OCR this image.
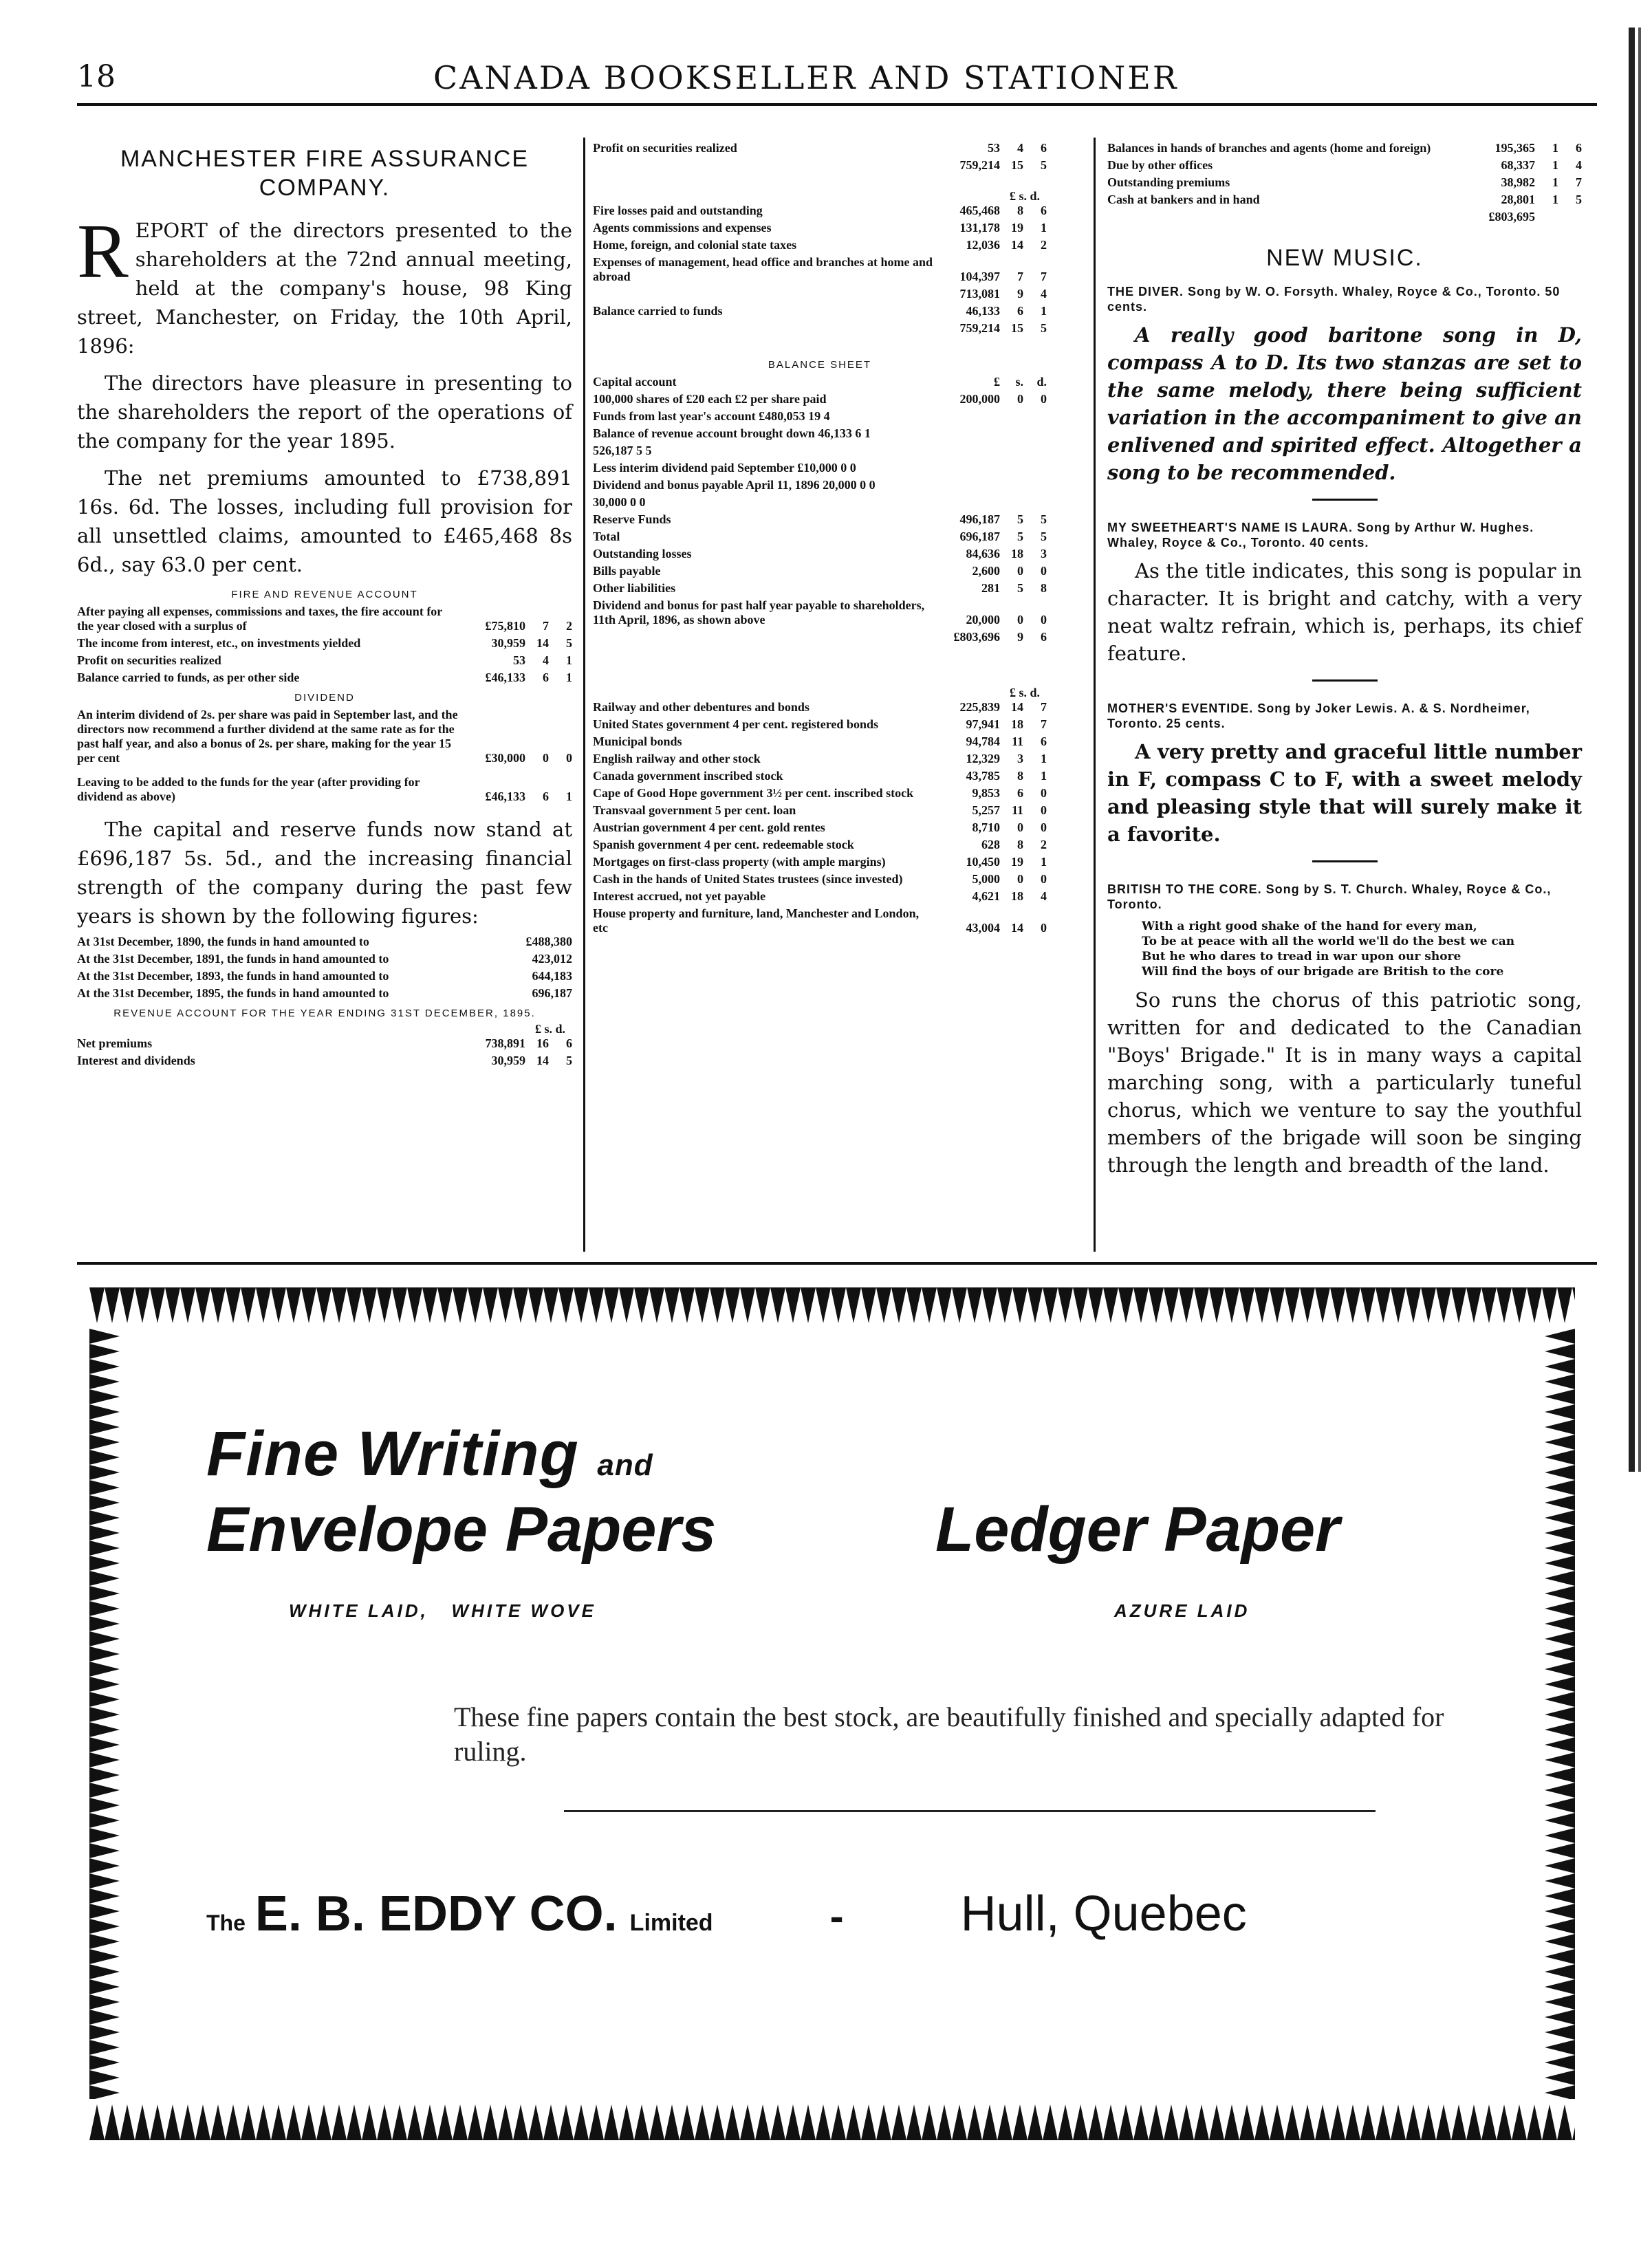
18	CANADA BOOKSELLER AND STATIONER
MANCHESTER FIRE ASSURANCE
COMPANY.
R EPORT of the directors presented to the shareholders at the 72nd annual meeting, held at the company's house, 98 King street, Manchester, on Friday, the 10th April, 1896:

The directors have pleasure in presenting to the shareholders the report of the operations of the company for the year 1895.

The net premiums amounted to £738,891 16s. 6d. The losses, including full provision for all unsettled claims, amounted to £465,468 8s 6d., say 63.0 per cent.

FIRE AND REVENUE ACCOUNT
After paying all expenses, commissions and taxes, the fire account for the year closed with a surplus of	£75,810	7	2
The income from interest, etc., on investments yielded	30,959 14	5
Profit on securities realized	53	4	1
Balance carried to funds, as per other side	£46,133	6	1
DIVIDEND
An interim dividend of 2s. per share was paid in September last, and the directors now recommend a further dividend at the same rate as for the past half year, and also a bonus of 2s. per share, making for the year 15 per cent	£30,000	0	0
Leaving to be added to the funds for the year (after providing for dividend as above)	£46,133	6	1

The capital and reserve funds now stand at £696,187 5s. 5d., and the increasing financial strength of the company during the past few years is shown by the following figures:

At 31st December, 1890, the funds in hand amounted to	£488,380
At the 31st December, 1891, the funds in hand amounted to	423,012
At the 31st December, 1893, the funds in hand amounted to	644,183
At the 31st December, 1895, the funds in hand amounted to	696,187
REVENUE ACCOUNT FOR THE YEAR ENDING 31ST DECEMBER, 1895.
£ s. d.
Net premiums	738,891 16	6
Interest and dividends	30,959 14	5
Profit on securities realized	53	4	6
759,214 15	5
£ s. d.
Fire losses paid and outstanding	465,468	8	6
Agents commissions and expenses	131,178 19	1
Home, foreign, and colonial state taxes	12,036 14	2
Expenses of management, head office and branches at home and abroad	104,397	7	7
713,081	9	4
Balance carried to funds	46,133	6	1
759,214 15	5
BALANCE SHEET
Capital account	£	s.	d.
100,000 shares of £20 each £2 per share paid	200,000	0	0
Funds from last year's account £480,053 19 4
Balance of revenue account brought down 46,133 6 1
526,187 5 5
Less interim dividend paid September £10,000 0 0
Dividend and bonus payable April 11, 1896 20,000 0 0
30,000 0 0
Reserve Funds	496,187	5	5
Total	696,187	5	5
Outstanding losses	84,636 18	3
Bills payable	2,600	0	0
Other liabilities	281	5	8
Dividend and bonus for past half year payable to shareholders, 11th April, 1896, as shown above	20,000	0	0
£803,696	9	6
£ s. d.
Railway and other debentures and bonds	225,839 14	7
United States government 4 per cent. registered bonds	97,941 18	7
Municipal bonds	94,784 11	6
English railway and other stock	12,329	3	1
Canada government inscribed stock	43,785	8	1
Cape of Good Hope government 3½ per cent. inscribed stock	9,853	6	0
Transvaal government 5 per cent. loan	5,257 11	0
Austrian government 4 per cent. gold rentes	8,710	0	0
Spanish government 4 per cent. redeemable stock	628	8	2
Mortgages on first-class property (with ample margins)	10,450 19	1
Cash in the hands of United States trustees (since invested)	5,000	0	0
Interest accrued, not yet payable	4,621 18	4
House property and furniture, land, Manchester and London, etc	43,004 14	0
Balances in hands of branches and agents (home and foreign)	195,365	1	6
Due by other offices	68,337	1	4
Outstanding premiums	38,982	1	7
Cash at bankers and in hand	28,801	1	5
£803,695
NEW MUSIC.
THE DIVER. Song by W. O. Forsyth. Whaley, Royce & Co., Toronto. 50 cents.

A really good baritone song in D, compass A to D. Its two stanzas are set to the same melody, there being sufficient variation in the accompaniment to give an enlivened and spirited effect. Altogether a song to be recommended.

MY SWEETHEART'S NAME IS LAURA. Song by Arthur W. Hughes. Whaley, Royce & Co., Toronto. 40 cents.

As the title indicates, this song is popular in character. It is bright and catchy, with a very neat waltz refrain, which is, perhaps, its chief feature.

MOTHER'S EVENTIDE. Song by Joker Lewis. A. & S. Nordheimer, Toronto. 25 cents.

A very pretty and graceful little number in F, compass C to F, with a sweet melody and pleasing style that will surely make it a favorite.

BRITISH TO THE CORE. Song by S. T. Church. Whaley, Royce & Co., Toronto.
With a right good shake of the hand for every man,
To be at peace with all the world we'll do the best we can
But he who dares to tread in war upon our shore
Will find the boys of our brigade are British to the core

So runs the chorus of this patriotic song, written for and dedicated to the Canadian "Boys' Brigade." It is in many ways a capital marching song, with a particularly tuneful chorus, which we venture to say the youthful members of the brigade will soon be singing through the length and breadth of the land.

Fine Writing and
Envelope Papers	Ledger Paper
WHITE LAID,   WHITE WOVE	AZURE LAID
These fine papers contain the best stock, are beautifully finished and specially adapted for ruling.
The E. B. EDDY CO. Limited	- Hull, Quebec
